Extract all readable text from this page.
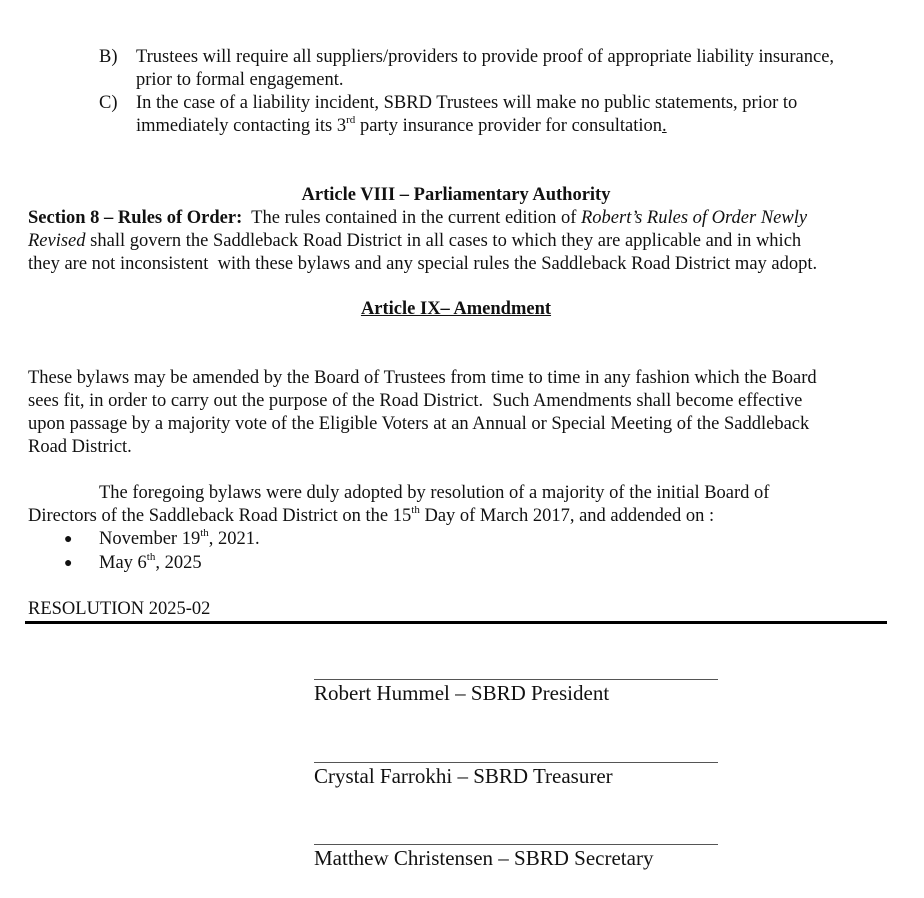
B) Trustees will require all suppliers/providers to provide proof of appropriate liability insurance,
prior to formal engagement.
C) In the case of a liability incident, SBRD Trustees will make no public statements, prior to
immediately contacting its 3rd party insurance provider for consultation.
Article VIII – Parliamentary Authority
Section 8 – Rules of Order:  The rules contained in the current edition of Robert’s Rules of Order Newly
Revised shall govern the Saddleback Road District in all cases to which they are applicable and in which
they are not inconsistent  with these bylaws and any special rules the Saddleback Road District may adopt.
Article IX– Amendment
These bylaws may be amended by the Board of Trustees from time to time in any fashion which the Board
sees fit, in order to carry out the purpose of the Road District.  Such Amendments shall become effective
upon passage by a majority vote of the Eligible Voters at an Annual or Special Meeting of the Saddleback
Road District.
The foregoing bylaws were duly adopted by resolution of a majority of the initial Board of
Directors of the Saddleback Road District on the 15th Day of March 2017, and addended on :
● November 19th, 2021.
● May 6th, 2025
RESOLUTION 2025-02
Robert Hummel – SBRD President
Crystal Farrokhi – SBRD Treasurer
Matthew Christensen – SBRD Secretary
